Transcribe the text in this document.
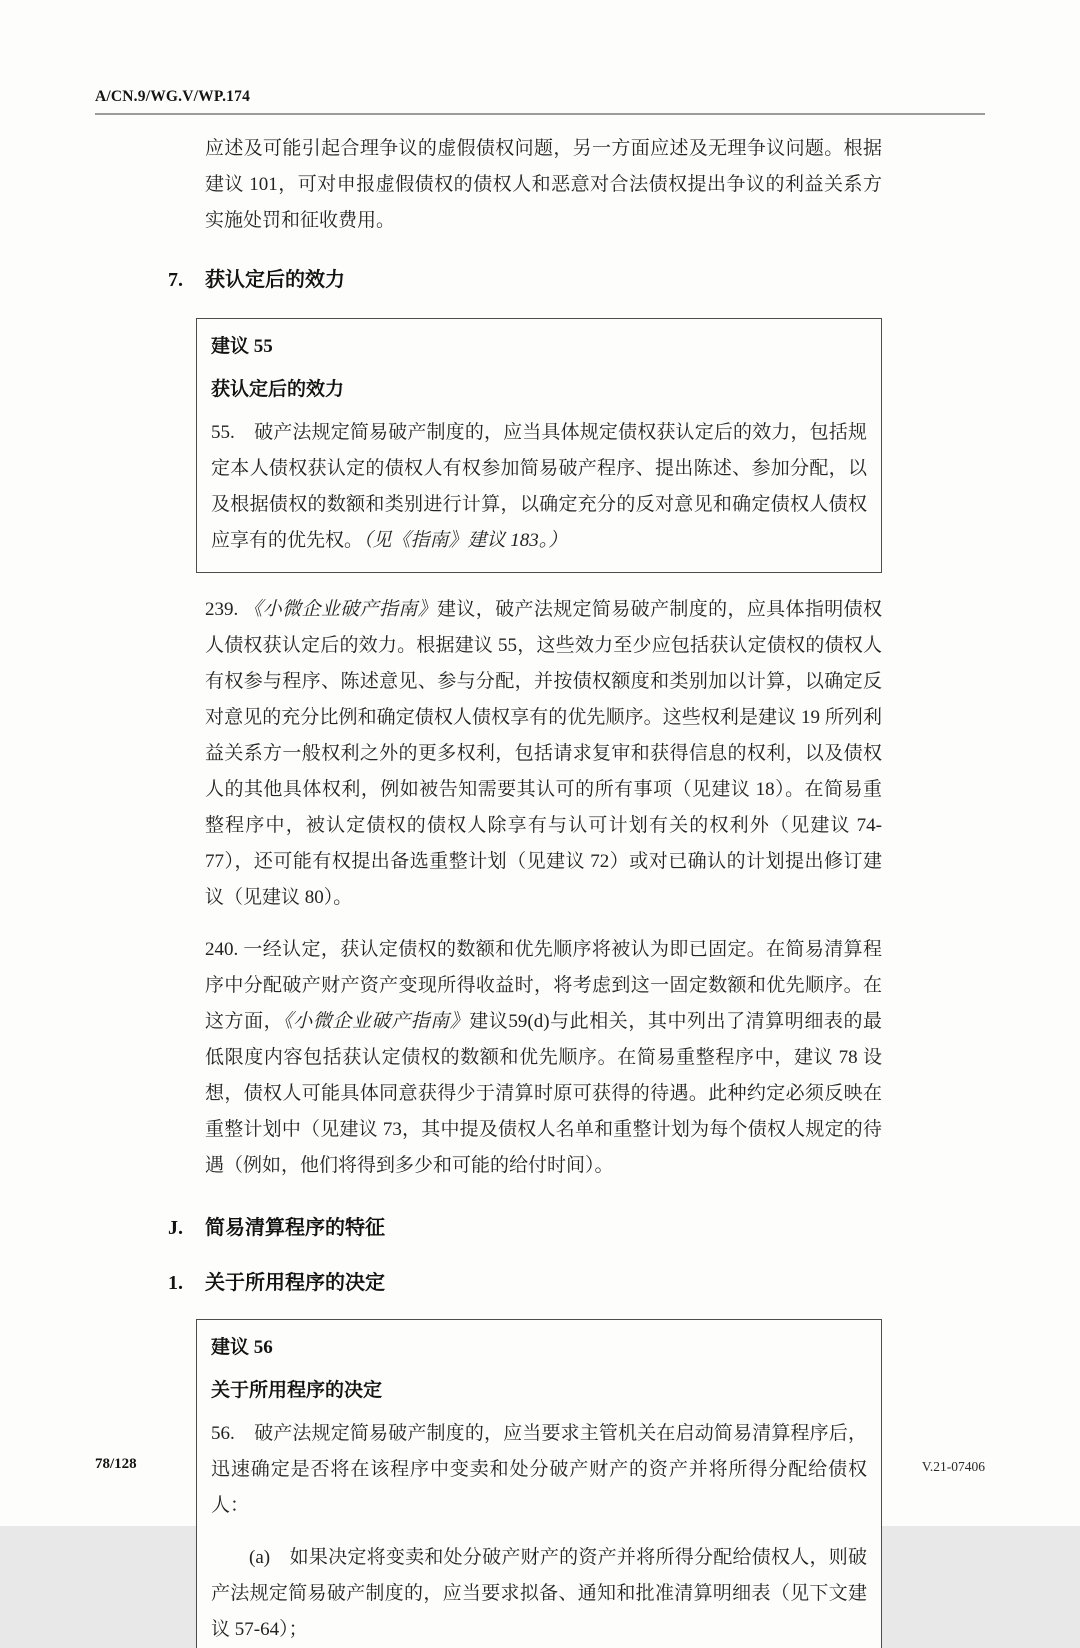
A/CN.9/WG.V/WP.174

应述及可能引起合理争议的虚假债权问题，另一方面应述及无理争议问题。根据建议 101，可对申报虚假债权的债权人和恶意对合法债权提出争议的利益关系方实施处罚和征收费用。

7.	获认定后的效力

建议 55

获认定后的效力

55.　破产法规定简易破产制度的，应当具体规定债权获认定后的效力，包括规定本人债权获认定的债权人有权参加简易破产程序、提出陈述、参加分配，以及根据债权的数额和类别进行计算，以确定充分的反对意见和确定债权人债权应享有的优先权。（见《指南》建议 183。）

239. 《小微企业破产指南》建议，破产法规定简易破产制度的，应具体指明债权人债权获认定后的效力。根据建议 55，这些效力至少应包括获认定债权的债权人有权参与程序、陈述意见、参与分配，并按债权额度和类别加以计算，以确定反对意见的充分比例和确定债权人债权享有的优先顺序。这些权利是建议 19 所列利益关系方一般权利之外的更多权利，包括请求复审和获得信息的权利，以及债权人的其他具体权利，例如被告知需要其认可的所有事项（见建议 18）。在简易重整程序中，被认定债权的债权人除享有与认可计划有关的权利外（见建议 74-77），还可能有权提出备选重整计划（见建议 72）或对已确认的计划提出修订建议（见建议 80）。

240. 一经认定，获认定债权的数额和优先顺序将被认为即已固定。在简易清算程序中分配破产财产资产变现所得收益时，将考虑到这一固定数额和优先顺序。在这方面，《小微企业破产指南》建议59(d)与此相关，其中列出了清算明细表的最低限度内容包括获认定债权的数额和优先顺序。在简易重整程序中，建议 78 设想，债权人可能具体同意获得少于清算时原可获得的待遇。此种约定必须反映在重整计划中（见建议 73，其中提及债权人名单和重整计划为每个债权人规定的待遇（例如，他们将得到多少和可能的给付时间）。

J.	简易清算程序的特征
1.	关于所用程序的决定

建议 56

关于所用程序的决定

56.　破产法规定简易破产制度的，应当要求主管机关在启动简易清算程序后，迅速确定是否将在该程序中变卖和处分破产财产的资产并将所得分配给债权人：

(a)　如果决定将变卖和处分破产财产的资产并将所得分配给债权人，则破产法规定简易破产制度的，应当要求拟备、通知和批准清算明细表（见下文建议 57-64）；

78/128	V.21-07406
